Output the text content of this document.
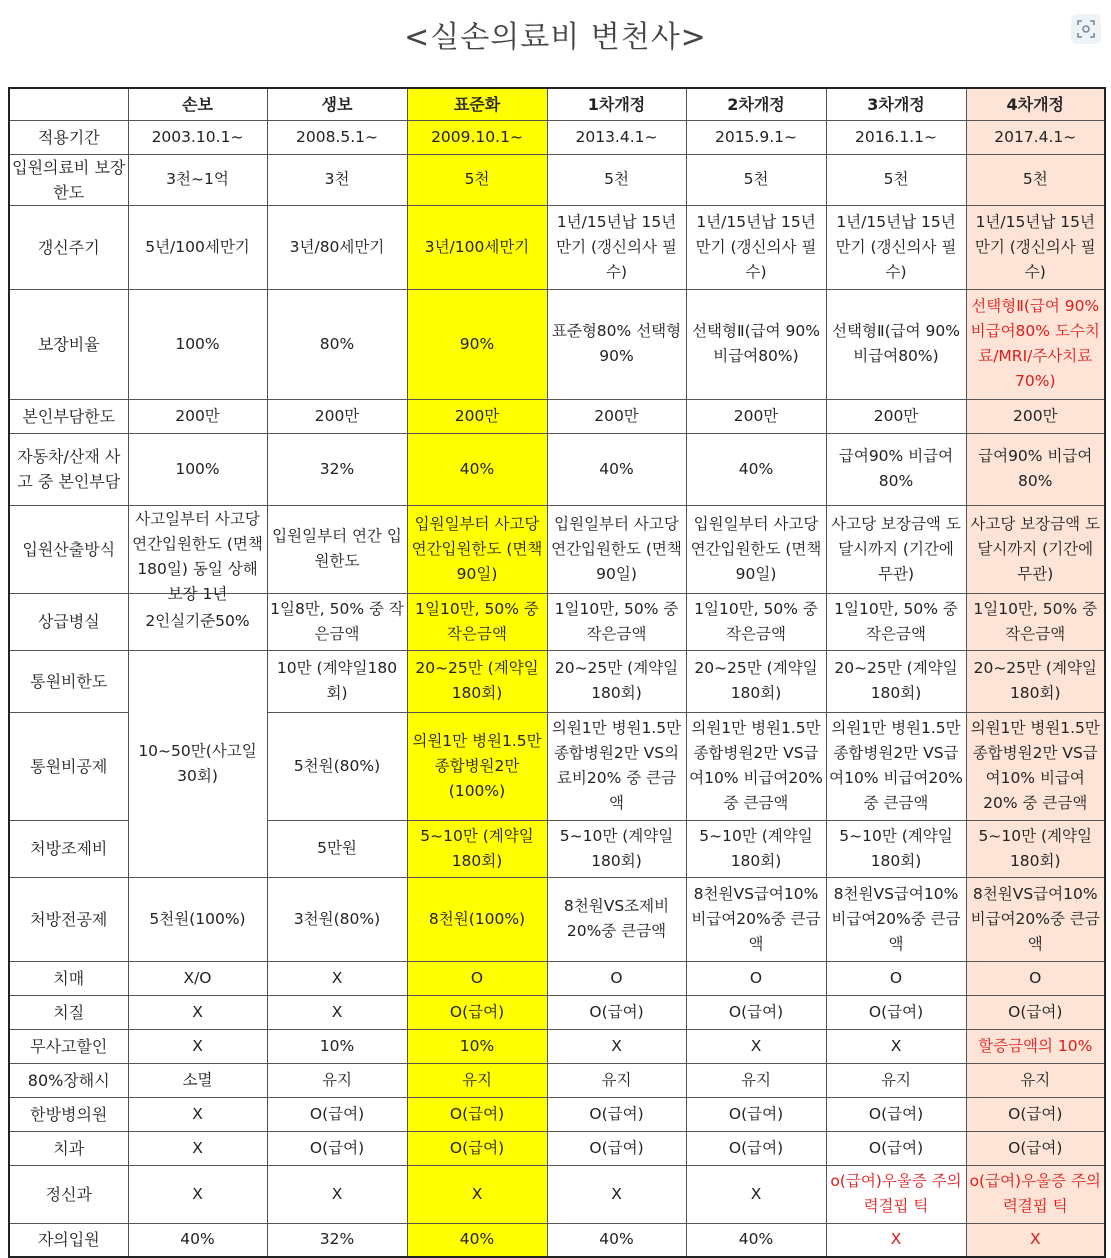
<실손의료비 변천사>
	손보	생보	표준화	1차개정	2차개정	3차개정	4차개정
적용기간	2003.10.1~	2008.5.1~	2009.10.1~	2013.4.1~	2015.9.1~	2016.1.1~	2017.4.1~
입원의료비 보장한도	3천~1억	3천	5천	5천	5천	5천	5천
갱신주기	5년/100세만기	3년/80세만기	3년/100세만기	1년/15년납 15년만기 (갱신의사 필수)	1년/15년납 15년 만기 (갱신의사 필수)	1년/15년납 15년 만기 (갱신의사 필수)	1년/15년납 15년 만기 (갱신의사 필수)
보장비율	100%	80%	90%	표준형80% 선택형90%	선택형Ⅱ(급여 90% 비급여80%)	선택형Ⅱ(급여 90% 비급여80%)	선택형Ⅱ(급여 90% 비급여80% 도수치료/MRI/주사치료70%)
본인부담한도	200만	200만	200만	200만	200만	200만	200만
자동차/산재 사고 중 본인부담	100%	32%	40%	40%	40%	급여90% 비급여 80%	급여90% 비급여 80%
입원산출방식	사고일부터 사고당 연간입원한도 (면책180일) 동일 상해보장 1년	입원일부터 연간 입원한도	입원일부터 사고당 연간입원한도 (면책90일)	입원일부터 사고당 연간입원한도 (면책90일)	입원일부터 사고당 연간입원한도 (면책90일)	사고당 보장금액 도달시까지 (기간에 무관)	사고당 보장금액 도달시까지 (기간에 무관)
상급병실	2인실기준50%	1일8만, 50% 중 작은금액	1일10만, 50% 중 작은금액	1일10만, 50% 중 작은금액	1일10만, 50% 중 작은금액	1일10만, 50% 중 작은금액	1일10만, 50% 중 작은금액
통원비한도	10~50만(사고일 30회)	10만 (계약일180회)	20~25만 (계약일180회)	20~25만 (계약일180회)	20~25만 (계약일180회)	20~25만 (계약일180회)	20~25만 (계약일180회)
통원비공제		5천원(80%)	의원1만 병원1.5만 종합병원2만 (100%)	의원1만 병원1.5만 종합병원2만 VS의료비20% 중 큰금액	의원1만 병원1.5만 종합병원2만 VS급여10% 비급여20% 중 큰금액	의원1만 병원1.5만 종합병원2만 VS급여10% 비급여20% 중 큰금액	의원1만 병원1.5만 종합병원2만 VS급여10% 비급여20% 중 큰금액
처방조제비		5만원	5~10만 (계약일180회)	5~10만 (계약일180회)	5~10만 (계약일180회)	5~10만 (계약일180회)	5~10만 (계약일180회)
처방전공제	5천원(100%)	3천원(80%)	8천원(100%)	8천원VS조제비 20%중 큰금액	8천원VS급여10% 비급여20%중 큰금액	8천원VS급여10% 비급여20%중 큰금액	8천원VS급여10% 비급여20%중 큰금액
치매	X/O	X	O	O	O	O	O
치질	X	X	O(급여)	O(급여)	O(급여)	O(급여)	O(급여)
무사고할인	X	10%	10%	X	X	X	할증금액의 10%
80%장해시	소멸	유지	유지	유지	유지	유지	유지
한방병의원	X	O(급여)	O(급여)	O(급여)	O(급여)	O(급여)	O(급여)
치과	X	O(급여)	O(급여)	O(급여)	O(급여)	O(급여)	O(급여)
정신과	X	X	X	X	X	o(급여)우울증 주의력결핍 틱	o(급여)우울증 주의력결핍 틱
자의입원	40%	32%	40%	40%	40%	X	X
